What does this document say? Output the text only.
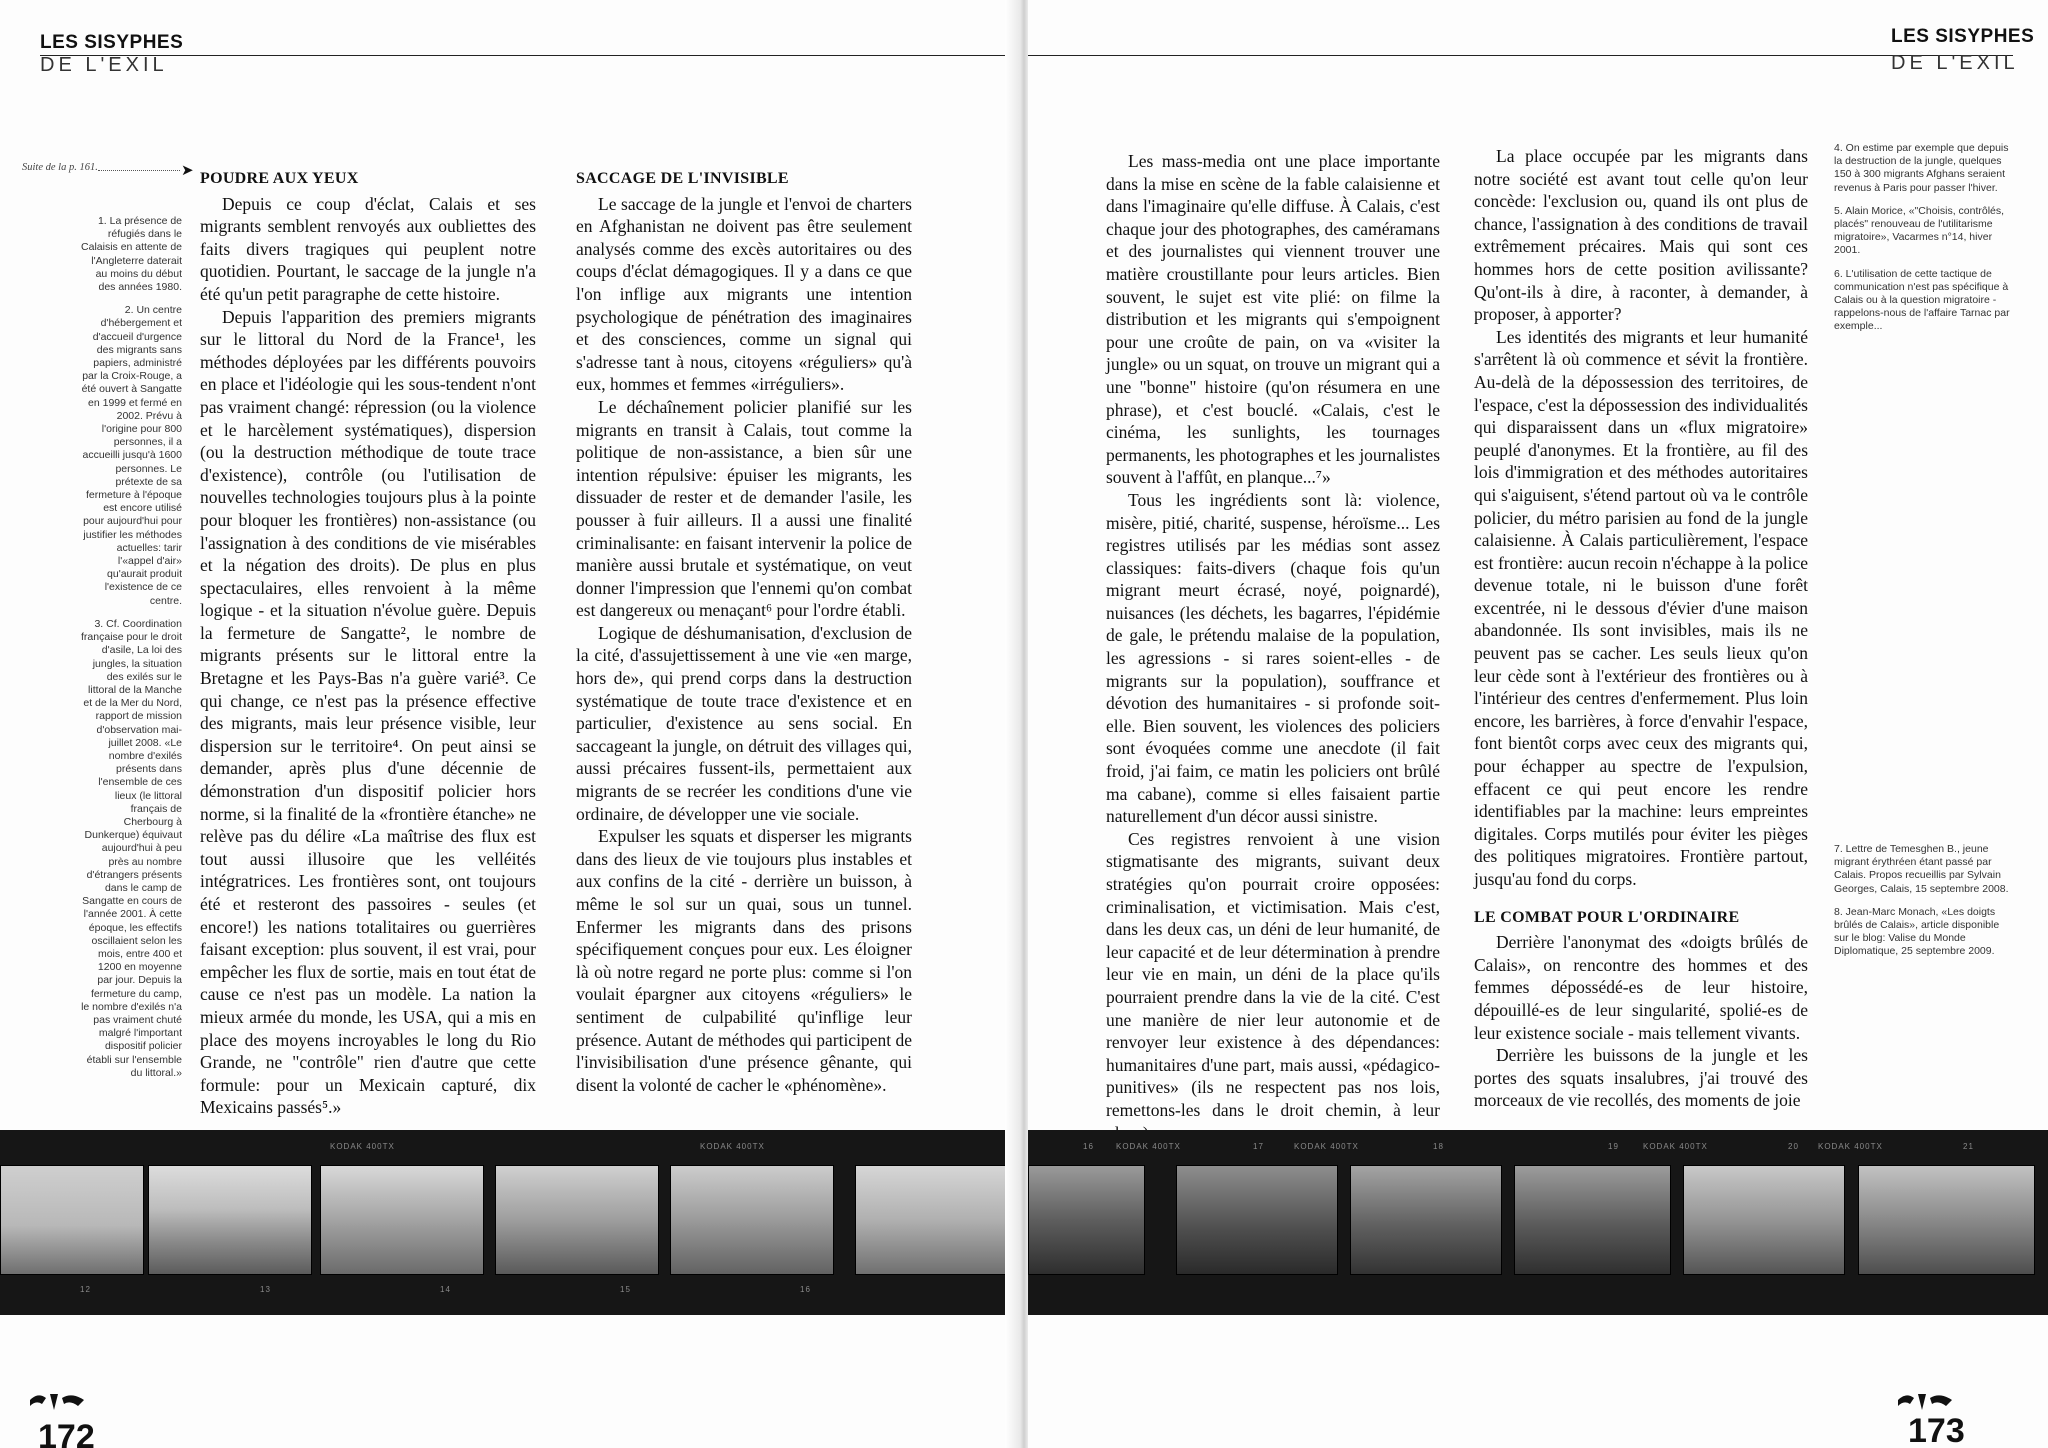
LES SISYPHES
DE L'EXIL
Suite de la p. 161.	➤

1. La présence de réfugiés dans le Calaisis en attente de l'Angleterre daterait au moins du début des années 1980.

2. Un centre d'hébergement et d'accueil d'urgence des migrants sans papiers, administré par la Croix-Rouge, a été ouvert à Sangatte en 1999 et fermé en 2002. Prévu à l'origine pour 800 personnes, il a accueilli jusqu'à 1600 personnes. Le prétexte de sa fermeture à l'époque est encore utilisé pour aujourd'hui pour justifier les méthodes actuelles: tarir l'«appel d'air» qu'aurait produit l'existence de ce centre.

3. Cf. Coordination française pour le droit d'asile, La loi des jungles, la situation des exilés sur le littoral de la Manche et de la Mer du Nord, rapport de mission d'observation mai-juillet 2008. «Le nombre d'exilés présents dans l'ensemble de ces lieux (le littoral français de Cherbourg à Dunkerque) équivaut aujourd'hui à peu près au nombre d'étrangers présents dans le camp de Sangatte en cours de l'année 2001. À cette époque, les effectifs oscillaient selon les mois, entre 400 et 1200 en moyenne par jour. Depuis la fermeture du camp, le nombre d'exilés n'a pas vraiment chuté malgré l'important dispositif policier établi sur l'ensemble du littoral.»

POUDRE AUX YEUX

Depuis ce coup d'éclat, Calais et ses migrants semblent renvoyés aux oubliettes des faits divers tragiques qui peuplent notre quotidien. Pourtant, le saccage de la jungle n'a été qu'un petit paragraphe de cette histoire.

Depuis l'apparition des premiers migrants sur le littoral du Nord de la France¹, les méthodes déployées par les différents pouvoirs en place et l'idéologie qui les sous-tendent n'ont pas vraiment changé: répression (ou la violence et le harcèlement systématiques), dispersion (ou la destruction méthodique de toute trace d'existence), contrôle (ou l'utilisation de nouvelles technologies toujours plus à la pointe pour bloquer les frontières) non-assistance (ou l'assignation à des conditions de vie misérables et la négation des droits). De plus en plus spectaculaires, elles renvoient à la même logique - et la situation n'évolue guère. Depuis la fermeture de Sangatte², le nombre de migrants présents sur le littoral entre la Bretagne et les Pays-Bas n'a guère varié³. Ce qui change, ce n'est pas la présence effective des migrants, mais leur présence visible, leur dispersion sur le territoire⁴. On peut ainsi se demander, après plus d'une décennie de démonstration d'un dispositif policier hors norme, si la finalité de la «frontière étanche» ne relève pas du délire «La maîtrise des flux est tout aussi illusoire que les velléités intégratrices. Les frontières sont, ont toujours été et resteront des passoires - seules (et encore!) les nations totalitaires ou guerrières faisant exception: plus souvent, il est vrai, pour empêcher les flux de sortie, mais en tout état de cause ce n'est pas un modèle. La nation la mieux armée du monde, les USA, qui a mis en place des moyens incroyables le long du Rio Grande, ne "contrôle" rien d'autre que cette formule: pour un Mexicain capturé, dix Mexicains passés⁵.»

SACCAGE DE L'INVISIBLE

Le saccage de la jungle et l'envoi de charters en Afghanistan ne doivent pas être seulement analysés comme des excès autoritaires ou des coups d'éclat démagogiques. Il y a dans ce que l'on inflige aux migrants une intention psychologique de pénétration des imaginaires et des consciences, comme un signal qui s'adresse tant à nous, citoyens «réguliers» qu'à eux, hommes et femmes «irréguliers».

Le déchaînement policier planifié sur les migrants en transit à Calais, tout comme la politique de non-assistance, a bien sûr une intention répulsive: épuiser les migrants, les dissuader de rester et de demander l'asile, les pousser à fuir ailleurs. Il a aussi une finalité criminalisante: en faisant intervenir la police de manière aussi brutale et systématique, on veut donner l'impression que l'ennemi qu'on combat est dangereux ou menaçant⁶ pour l'ordre établi.

Logique de déshumanisation, d'exclusion de la cité, d'assujettissement à une vie «en marge, hors de», qui prend corps dans la destruction systématique de toute trace d'existence et en particulier, d'existence au sens social. En saccageant la jungle, on détruit des villages qui, aussi précaires fussent-ils, permettaient aux migrants de se recréer les conditions d'une vie ordinaire, de développer une vie sociale.

Expulser les squats et disperser les migrants dans des lieux de vie toujours plus instables et aux confins de la cité - derrière un buisson, à même le sol sur un quai, sous un tunnel. Enfermer les migrants dans des prisons spécifiquement conçues pour eux. Les éloigner là où notre regard ne porte plus: comme si l'on voulait épargner aux citoyens «réguliers» le sentiment de culpabilité qu'inflige leur présence. Autant de méthodes qui participent de l'invisibilisation d'une présence gênante, qui disent la volonté de cacher le «phénomène».

KODAK 400TX	KODAK 400TX
12	13	14	15	16
172
LES SISYPHES
DE L'EXIL

Les mass-media ont une place importante dans la mise en scène de la fable calaisienne et dans l'imaginaire qu'elle diffuse. À Calais, c'est chaque jour des photographes, des caméramans et des journalistes qui viennent trouver une matière croustillante pour leurs articles. Bien souvent, le sujet est vite plié: on filme la distribution et les migrants qui s'empoignent pour une croûte de pain, on va «visiter la jungle» ou un squat, on trouve un migrant qui a une "bonne" histoire (qu'on résumera en une phrase), et c'est bouclé. «Calais, c'est le cinéma, les sunlights, les tournages permanents, les photographes et les journalistes souvent à l'affût, en planque...⁷»

Tous les ingrédients sont là: violence, misère, pitié, charité, suspense, héroïsme... Les registres utilisés par les médias sont assez classiques: faits-divers (chaque fois qu'un migrant meurt écrasé, noyé, poignardé), nuisances (les déchets, les bagarres, l'épidémie de gale, le prétendu malaise de la population, les agressions - si rares soient-elles - de migrants sur la population), souffrance et dévotion des humanitaires - si profonde soit-elle. Bien souvent, les violences des policiers sont évoquées comme une anecdote (il fait froid, j'ai faim, ce matin les policiers ont brûlé ma cabane), comme si elles faisaient partie naturellement d'un décor aussi sinistre.

Ces registres renvoient à une vision stigmatisante des migrants, suivant deux stratégies qu'on pourrait croire opposées: criminalisation, et victimisation. Mais c'est, dans les deux cas, un déni de leur humanité, de leur capacité et de leur détermination à prendre leur vie en main, un déni de la place qu'ils pourraient prendre dans la vie de la cité. C'est une manière de nier leur autonomie et de renvoyer leur existence à des dépendances: humanitaires d'une part, mais aussi, «pédagico-punitives» (ils ne respectent pas nos lois, remettons-les dans le droit chemin, à leur

La place occupée par les migrants dans notre société est avant tout celle qu'on leur concède: l'exclusion ou, quand ils ont plus de chance, l'assignation à des conditions de travail extrêmement précaires. Mais qui sont ces hommes hors de cette position avilissante? Qu'ont-ils à dire, à raconter, à demander, à proposer, à apporter?

Les identités des migrants et leur humanité s'arrêtent là où commence et sévit la frontière. Au-delà de la dépossession des territoires, de l'espace, c'est la dépossession des individualités qui disparaissent dans un «flux migratoire» peuplé d'anonymes. Et la frontière, au fil des lois d'immigration et des méthodes autoritaires qui s'aiguisent, s'étend partout où va le contrôle policier, du métro parisien au fond de la jungle calaisienne. À Calais particulièrement, l'espace est frontière: aucun recoin n'échappe à la police devenue totale, ni le buisson d'une forêt excentrée, ni le dessous d'évier d'une maison abandonnée. Ils sont invisibles, mais ils ne peuvent pas se cacher. Les seuls lieux qu'on leur cède sont à l'extérieur des frontières ou à l'intérieur des centres d'enfermement. Plus loin encore, les barrières, à force d'envahir l'espace, font bientôt corps avec ceux des migrants qui, pour échapper au spectre de l'expulsion, effacent ce qui peut encore les rendre identifiables par la machine: leurs empreintes digitales. Corps mutilés pour éviter les pièges des politiques migratoires. Frontière partout, jusqu'au fond du corps.

LE COMBAT POUR L'ORDINAIRE

Derrière l'anonymat des «doigts brûlés de Calais», on rencontre des hommes et des femmes dépossédé-es de leur histoire, dépouillé-es de leur singularité, spolié-es de leur existence sociale - mais tellement vivants.

Derrière les buissons de la jungle et les portes des squats insalubres, j'ai trouvé des morceaux de vie recollés, des moments de joie

4. On estime par exemple que depuis la destruction de la jungle, quelques 150 à 300 migrants Afghans seraient revenus à Paris pour passer l'hiver.

5. Alain Morice, «"Choisis, contrôlés, placés" renouveau de l'utilitarisme migratoire», Vacarmes n°14, hiver 2001.

6. L'utilisation de cette tactique de communication n'est pas spécifique à Calais ou à la question migratoire - rappelons-nous de l'affaire Tarnac par exemple...

7. Lettre de Temesghen B., jeune migrant érythréen étant passé par Calais. Propos recueillis par Sylvain Georges, Calais, 15 septembre 2008.

8. Jean-Marc Monach, «Les doigts brûlés de Calais», article disponible sur le blog: Valise du Monde Diplomatique, 25 septembre 2009.

KODAK 400TX	KODAK 400TX	KODAK 400TX	KODAK 400TX
16	17	18	19	20	21
173
